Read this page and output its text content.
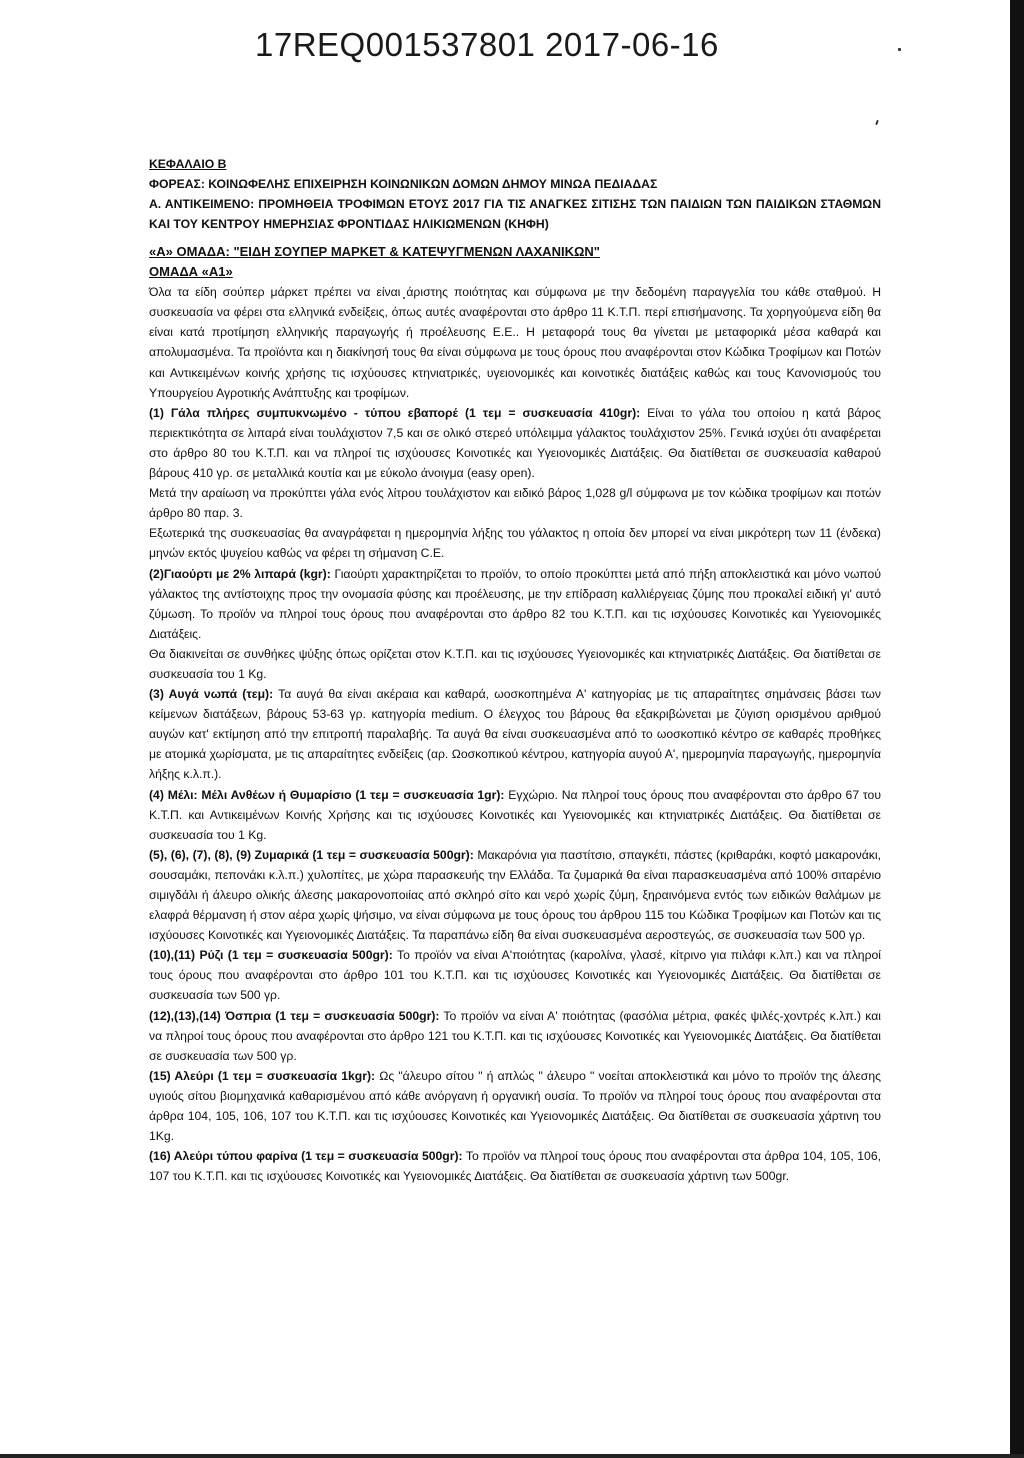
17REQ001537801 2017-06-16

ΚΕΦΑΛΑΙΟ Β

ΦΟΡΕΑΣ: ΚΟΙΝΩΦΕΛΗΣ ΕΠΙΧΕΙΡΗΣΗ ΚΟΙΝΩΝΙΚΩΝ ΔΟΜΩΝ ΔΗΜΟΥ ΜΙΝΩΑ ΠΕΔΙΑΔΑΣ

Α. ΑΝΤΙΚΕΙΜΕΝΟ: ΠΡΟΜΗΘΕΙΑ ΤΡΟΦΙΜΩΝ ΕΤΟΥΣ 2017 ΓΙΑ ΤΙΣ ΑΝΑΓΚΕΣ ΣΙΤΙΣΗΣ ΤΩΝ ΠΑΙΔΙΩΝ ΤΩΝ ΠΑΙΔΙΚΩΝ ΣΤΑΘΜΩΝ ΚΑΙ ΤΟΥ ΚΕΝΤΡΟΥ ΗΜΕΡΗΣΙΑΣ ΦΡΟΝΤΙΔΑΣ ΗΛΙΚΙΩΜΕΝΩΝ (ΚΗΦΗ)

«Α» ΟΜΑΔΑ: "ΕΙΔΗ ΣΟΥΠΕΡ ΜΑΡΚΕΤ & ΚΑΤΕΨΥΓΜΕΝΩΝ ΛΑΧΑΝΙΚΩΝ"

ΟΜΑΔΑ «Α1»

Όλα τα είδη σούπερ μάρκετ πρέπει να είναι άριστης ποιότητας και σύμφωνα με την δεδομένη παραγγελία του κάθε σταθμού. Η συσκευασία να φέρει στα ελληνικά ενδείξεις, όπως αυτές αναφέρονται στο άρθρο 11 Κ.Τ.Π. περί επισήμανσης. Τα χορηγούμενα είδη θα είναι κατά προτίμηση ελληνικής παραγωγής ή προέλευσης Ε.Ε.. Η μεταφορά τους θα γίνεται με μεταφορικά μέσα καθαρά και απολυμασμένα. Τα προϊόντα και η διακίνησή τους θα είναι σύμφωνα με τους όρους που αναφέρονται στον Κώδικα Τροφίμων και Ποτών και Αντικειμένων κοινής χρήσης τις ισχύουσες κτηνιατρικές, υγειονομικές και κοινοτικές διατάξεις καθώς και τους Κανονισμούς του Υπουργείου Αγροτικής Ανάπτυξης και τροφίμων.

(1) Γάλα πλήρες συμπυκνωμένο - τύπου εβαπορέ (1 τεμ = συσκευασία 410gr): Είναι το γάλα του οποίου η κατά βάρος περιεκτικότητα σε λιπαρά είναι τουλάχιστον 7,5 και σε ολικό στερεό υπόλειμμα γάλακτος τουλάχιστον 25%. Γενικά ισχύει ότι αναφέρεται στο άρθρο 80 του Κ.Τ.Π. και να πληροί τις ισχύουσες Κοινοτικές και Υγειονομικές Διατάξεις. Θα διατίθεται σε συσκευασία καθαρού βάρους 410 γρ. σε μεταλλικά κουτία και με εύκολο άνοιγμα (easy open).

Μετά την αραίωση να προκύπτει γάλα ενός λίτρου τουλάχιστον και ειδικό βάρος 1,028 g/l σύμφωνα με τον κώδικα τροφίμων και ποτών άρθρο 80 παρ. 3.

Εξωτερικά της συσκευασίας θα αναγράφεται η ημερομηνία λήξης του γάλακτος η οποία δεν μπορεί να είναι μικρότερη των 11 (ένδεκα) μηνών εκτός ψυγείου καθώς να φέρει τη σήμανση C.E.

(2)Γιαούρτι με 2% λιπαρά (kgr): Γιαούρτι χαρακτηρίζεται το προϊόν, το οποίο προκύπτει μετά από πήξη αποκλειστικά και μόνο νωπού γάλακτος της αντίστοιχης προς την ονομασία φύσης και προέλευσης, με την επίδραση καλλιέργειας ζύμης που προκαλεί ειδική γι' αυτό ζύμωση. Το προϊόν να πληροί τους όρους που αναφέρονται στο άρθρο 82 του Κ.Τ.Π. και τις ισχύουσες Κοινοτικές και Υγειονομικές Διατάξεις.

Θα διακινείται σε συνθήκες ψύξης όπως ορίζεται στον Κ.Τ.Π. και τις ισχύουσες Υγειονομικές και κτηνιατρικές Διατάξεις. Θα διατίθεται σε συσκευασία του 1 Kg.

(3) Αυγά νωπά (τεμ): Τα αυγά θα είναι ακέραια και καθαρά, ωοσκοπημένα Α' κατηγορίας με τις απαραίτητες σημάνσεις βάσει των κείμενων διατάξεων, βάρους 53-63 γρ. κατηγορία medium. Ο έλεγχος του βάρους θα εξακριβώνεται με ζύγιση ορισμένου αριθμού αυγών κατ' εκτίμηση από την επιτροπή παραλαβής. Τα αυγά θα είναι συσκευασμένα από το ωοσκοπικό κέντρο σε καθαρές προθήκες με ατομικά χωρίσματα, με τις απαραίτητες ενδείξεις (αρ. Ωοσκοπικού κέντρου, κατηγορία αυγού Α', ημερομηνία παραγωγής, ημερομηνία λήξης κ.λ.π.).

(4) Μέλι: Μέλι Ανθέων ή Θυμαρίσιο (1 τεμ = συσκευασία 1gr): Εγχώριο. Να πληροί τους όρους που αναφέρονται στο άρθρο 67 του Κ.Τ.Π. και Αντικειμένων Κοινής Χρήσης και τις ισχύουσες Κοινοτικές και Υγειονομικές και κτηνιατρικές Διατάξεις. Θα διατίθεται σε συσκευασία του 1 Kg.

(5), (6), (7), (8), (9) Ζυμαρικά (1 τεμ = συσκευασία 500gr): Μακαρόνια για παστίτσιο, σπαγκέτι, πάστες (κριθαράκι, κοφτό μακαρονάκι, σουσαμάκι, πεπονάκι κ.λ.π.) χυλοπίτες, με χώρα παρασκευής την Ελλάδα. Τα ζυμαρικά θα είναι παρασκευασμένα από 100% σιταρένιο σιμιγδάλι ή άλευρο ολικής άλεσης μακαρονοποιίας από σκληρό σίτο και νερό χωρίς ζύμη, ξηραινόμενα εντός των ειδικών θαλάμων με ελαφρά θέρμανση ή στον αέρα χωρίς ψήσιμο, να είναι σύμφωνα με τους όρους του άρθρου 115 του Κώδικα Τροφίμων και Ποτών και τις ισχύουσες Κοινοτικές και Υγειονομικές Διατάξεις. Τα παραπάνω είδη θα είναι συσκευασμένα αεροστεγώς, σε συσκευασία των 500 γρ.

(10),(11) Ρύζι (1 τεμ = συσκευασία 500gr): Το προϊόν να είναι Α'ποιότητας (καρολίνα, γλασέ, κίτρινο για πιλάφι κ.λπ.) και να πληροί τους όρους που αναφέρονται στο άρθρο 101 του Κ.Τ.Π. και τις ισχύουσες Κοινοτικές και Υγειονομικές Διατάξεις. Θα διατίθεται σε συσκευασία των 500 γρ.

(12),(13),(14) Όσπρια (1 τεμ = συσκευασία 500gr): Το προϊόν να είναι Α' ποιότητας (φασόλια μέτρια, φακές ψιλές-χοντρές κ.λπ.) και να πληροί τους όρους που αναφέρονται στο άρθρο 121 του Κ.Τ.Π. και τις ισχύουσες Κοινοτικές και Υγειονομικές Διατάξεις. Θα διατίθεται σε συσκευασία των 500 γρ.

(15) Αλεύρι (1 τεμ = συσκευασία 1kgr): Ως "άλευρο σίτου " ή απλώς " άλευρο " νοείται αποκλειστικά και μόνο το προϊόν της άλεσης υγιούς σίτου βιομηχανικά καθαρισμένου από κάθε ανόργανη ή οργανική ουσία. Το προϊόν να πληροί τους όρους που αναφέρονται στα άρθρα 104, 105, 106, 107 του Κ.Τ.Π. και τις ισχύουσες Κοινοτικές και Υγειονομικές Διατάξεις. Θα διατίθεται σε συσκευασία χάρτινη του 1Kg.

(16) Αλεύρι τύπου φαρίνα (1 τεμ = συσκευασία 500gr): Το προϊόν να πληροί τους όρους που αναφέρονται στα άρθρα 104, 105, 106, 107 του Κ.Τ.Π. και τις ισχύουσες Κοινοτικές και Υγειονομικές Διατάξεις. Θα διατίθεται σε συσκευασία χάρτινη των 500gr.
